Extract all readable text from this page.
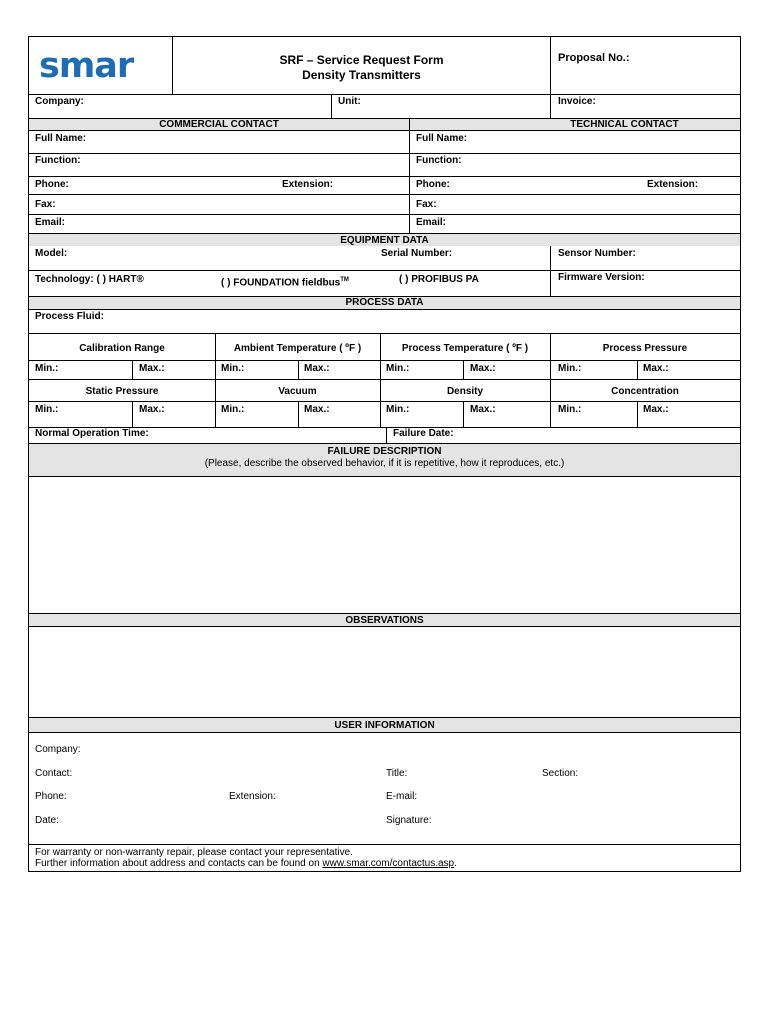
smar	SRF – Service Request Form
Density Transmitters
Proposal No.:
Company:	Unit:	Invoice:
COMMERCIAL CONTACT	TECHNICAL CONTACT
Full Name:	Full Name:
Function:	Function:
Phone:	Extension:	Phone:	Extension:
Fax:	Fax:
Email:	Email:
EQUIPMENT DATA
Model:	Serial Number:	Sensor Number:
Technology: ( ) HART®	( ) FOUNDATION fieldbus™	( ) PROFIBUS PA	Firmware Version:
PROCESS DATA
Process Fluid:
Calibration Range	Ambient Temperature ( ºF )	Process Temperature ( ºF )	Process Pressure
Min.:	Max.:	Min.:	Max.:	Min.:	Max.:	Min.:	Max.:
Static Pressure	Vacuum	Density	Concentration
Min.:	Max.:	Min.:	Max.:	Min.:	Max.:	Min.:	Max.:
Normal Operation Time:	Failure Date:
FAILURE DESCRIPTION
(Please, describe the observed behavior, if it is repetitive, how it reproduces, etc.)
OBSERVATIONS
USER INFORMATION
Company:
Contact:	Title:	Section:
Phone:	Extension:	E-mail:
Date:	Signature:
For warranty or non-warranty repair, please contact your representative.
Further information about address and contacts can be found on www.smar.com/contactus.asp.
